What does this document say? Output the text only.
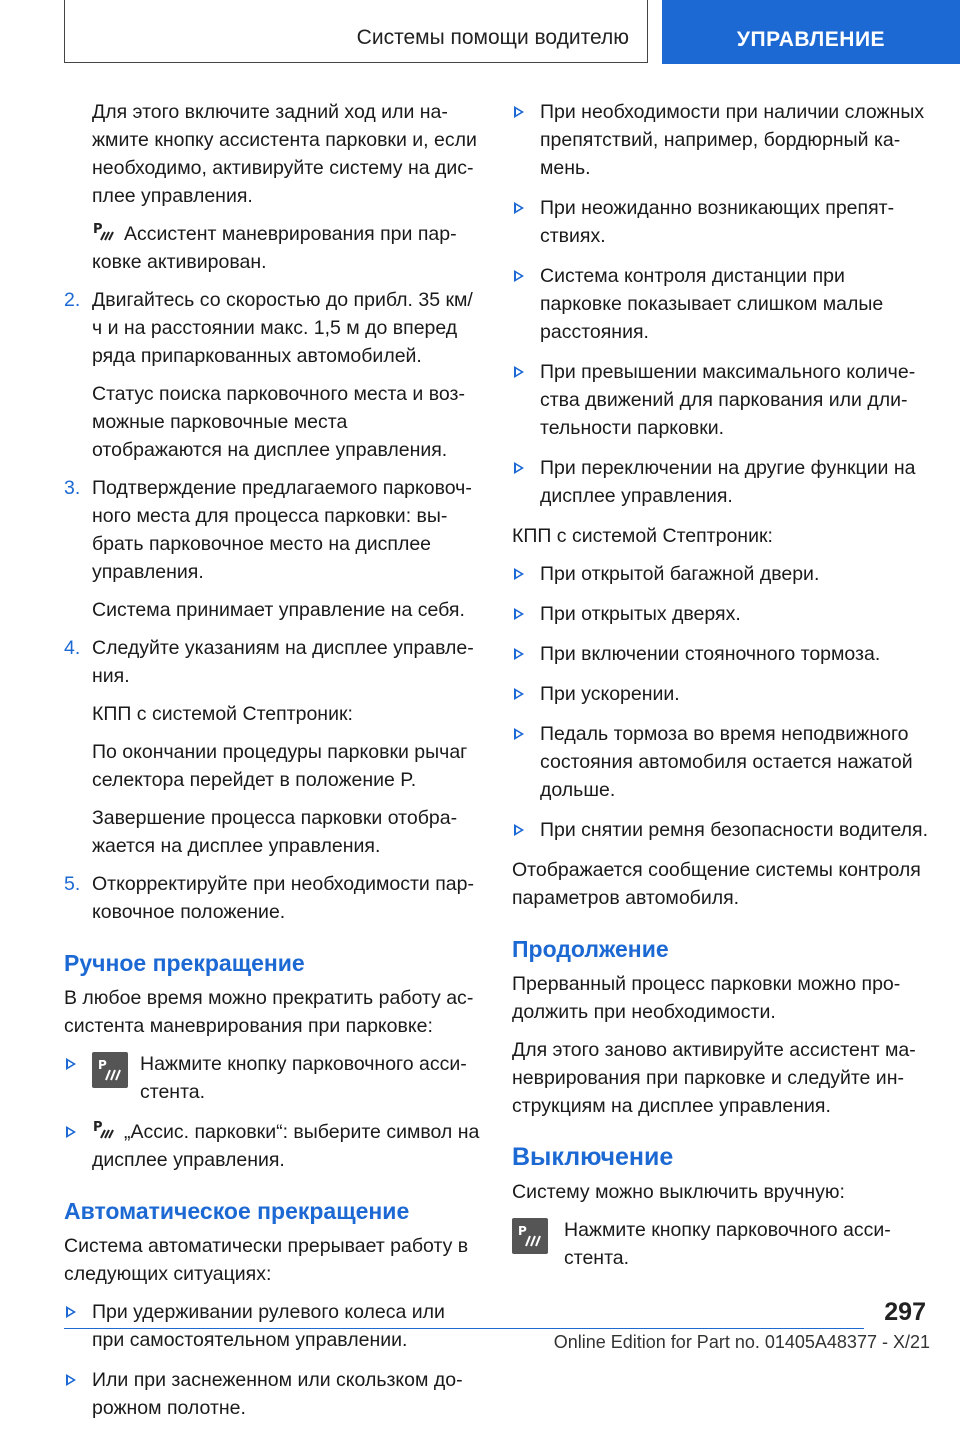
Системы помощи водителю	УПРАВЛЕНИЕ

Для этого включите задний ход или нажмите кнопку ассистента парковки и, если необходимо, активируйте систему на дисплее управления.

P Ассистент маневрирования при парковке активирован.

2. Двигайтесь со скоростью до прибл. 35 км/ч и на расстоянии макс. 1,5 м до вперед ряда припаркованных автомобилей.

Статус поиска парковочного места и возможные парковочные места отображаются на дисплее управления.

3. Подтверждение предлагаемого парковочного места для процесса парковки: выбрать парковочное место на дисплее управления.

Система принимает управление на себя.

4. Следуйте указаниям на дисплее управления.

КПП с системой Стептроник:

По окончании процедуры парковки рычаг селектора перейдет в положение P.

Завершение процесса парковки отображается на дисплее управления.

5. Откорректируйте при необходимости парковочное положение.

Ручное прекращение

В любое время можно прекратить работу ассистента маневрирования при парковке:

P Нажмите кнопку парковочного ассистента.
P „Ассис. парковки“: выберите символ на дисплее управления.
Автоматическое прекращение

Система автоматически прерывает работу в следующих ситуациях:

При удерживании рулевого колеса или при самостоятельном управлении.
Или при заснеженном или скользком дорожном полотне.
При необходимости при наличии сложных препятствий, например, бордюрный камень.
При неожиданно возникающих препятствиях.
Система контроля дистанции при парковке показывает слишком малые расстояния.
При превышении максимального количества движений для паркования или длительности парковки.
При переключении на другие функции на дисплее управления.

КПП с системой Стептроник:

При открытой багажной двери.
При открытых дверях.
При включении стояночного тормоза.
При ускорении.
Педаль тормоза во время неподвижного состояния автомобиля остается нажатой дольше.
При снятии ремня безопасности водителя.

Отображается сообщение системы контроля параметров автомобиля.

Продолжение

Прерванный процесс парковки можно продолжить при необходимости.

Для этого заново активируйте ассистент маневрирования при парковке и следуйте инструкциям на дисплее управления.

Выключение

Систему можно выключить вручную:

P Нажмите кнопку парковочного ассистента.
297
Online Edition for Part no. 01405A48377 - X/21
